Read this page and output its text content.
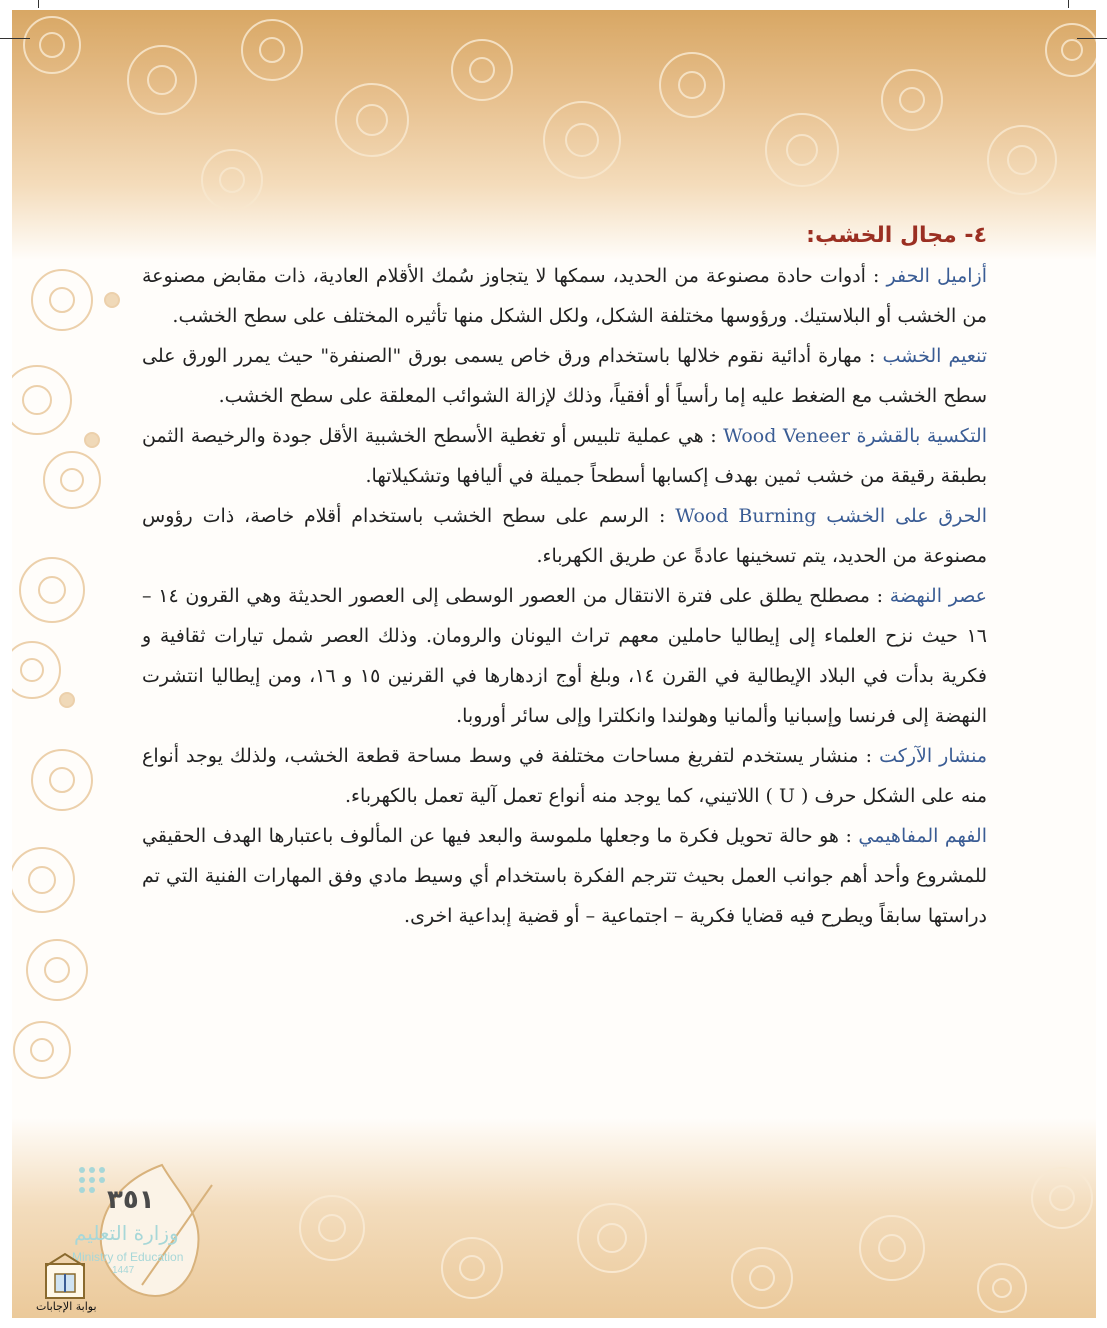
٤- مجال الخشب:

أزاميل الحفر : أدوات حادة مصنوعة من الحديد، سمكها لا يتجاوز سُمك الأقلام العادية، ذات مقابض مصنوعة من الخشب أو البلاستيك. ورؤوسها مختلفة الشكل، ولكل الشكل منها تأثيره المختلف على سطح الخشب.

تنعيم الخشب : مهارة أدائية نقوم خلالها باستخدام ورق خاص يسمى بورق "الصنفرة" حيث يمرر الورق على سطح الخشب مع الضغط عليه إما رأسياً أو أفقياً، وذلك لإزالة الشوائب المعلقة على سطح الخشب.

التكسية بالقشرة Wood Veneer : هي عملية تلبيس أو تغطية الأسطح الخشبية الأقل جودة والرخيصة الثمن بطبقة رقيقة من خشب ثمين بهدف إكسابها أسطحاً جميلة في أليافها وتشكيلاتها.

الحرق على الخشب Wood Burning : الرسم على سطح الخشب باستخدام أقلام خاصة، ذات رؤوس مصنوعة من الحديد، يتم تسخينها عادةً عن طريق الكهرباء.

عصر النهضة : مصطلح يطلق على فترة الانتقال من العصور الوسطى إلى العصور الحديثة وهي القرون ١٤ – ١٦ حيث نزح العلماء إلى إيطاليا حاملين معهم تراث اليونان والرومان. وذلك العصر شمل تيارات ثقافية و فكرية بدأت في البلاد الإيطالية في القرن ١٤، وبلغ أوج ازدهارها في القرنين ١٥ و ١٦، ومن إيطاليا انتشرت النهضة إلى فرنسا وإسبانيا وألمانيا وهولندا وانكلترا وإلى سائر أوروبا.

منشار الآركت : منشار يستخدم لتفريغ مساحات مختلفة في وسط مساحة قطعة الخشب، ولذلك يوجد أنواع منه على الشكل حرف ( U ) اللاتيني، كما يوجد منه أنواع تعمل آلية تعمل بالكهرباء.

الفهم المفاهيمي : هو حالة تحويل فكرة ما وجعلها ملموسة والبعد فيها عن المألوف باعتبارها الهدف الحقيقي للمشروع وأحد أهم جوانب العمل بحيث تترجم الفكرة باستخدام أي وسيط مادي وفق المهارات الفنية التي تم دراستها سابقاً ويطرح فيه قضايا فكرية – اجتماعية – أو قضية إبداعية اخرى.

٣٥١
وزارة التعليم
Ministry of Education
1447
بوابة الإجابات
